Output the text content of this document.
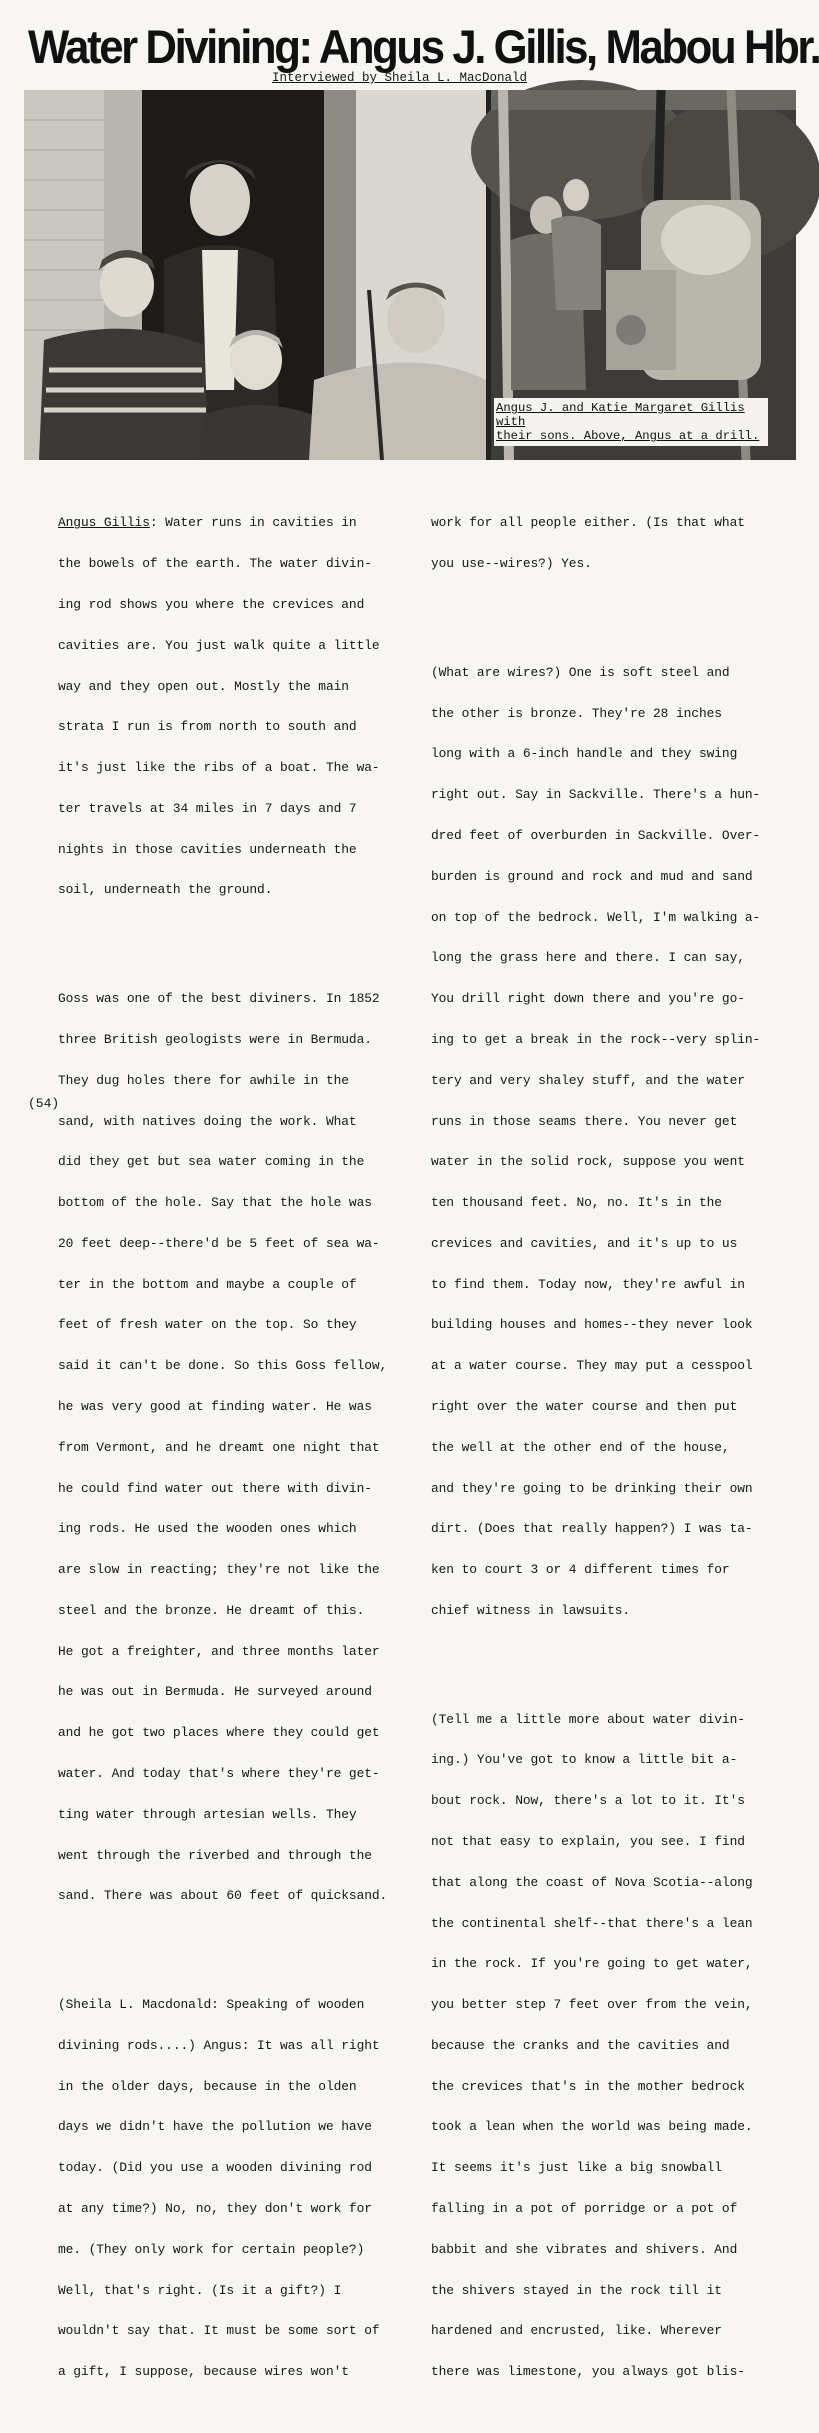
Water Divining: Angus J. Gillis, Mabou Hbr.
Interviewed by Sheila L. MacDonald
Angus J. and Katie Margaret Gillis with
their sons. Above, Angus at a drill.

Angus Gillis: Water runs in cavities in

the bowels of the earth. The water divin-

ing rod shows you where the crevices and

cavities are. You just walk quite a little

way and they open out. Mostly the main

strata I run is from north to south and

it's just like the ribs of a boat. The wa-

ter travels at 34 miles in 7 days and 7

nights in those cavities underneath the

soil, underneath the ground.

Goss was one of the best diviners. In 1852

three British geologists were in Bermuda.

They dug holes there for awhile in the

sand, with natives doing the work. What

did they get but sea water coming in the

bottom of the hole. Say that the hole was

20 feet deep--there'd be 5 feet of sea wa-

ter in the bottom and maybe a couple of

feet of fresh water on the top. So they

said it can't be done. So this Goss fellow,

he was very good at finding water. He was

from Vermont, and he dreamt one night that

he could find water out there with divin-

ing rods. He used the wooden ones which

are slow in reacting; they're not like the

steel and the bronze. He dreamt of this.

He got a freighter, and three months later

he was out in Bermuda. He surveyed around

and he got two places where they could get

water. And today that's where they're get-

ting water through artesian wells. They

went through the riverbed and through the

sand. There was about 60 feet of quicksand.

(Sheila L. Macdonald: Speaking of wooden

divining rods....) Angus: It was all right

in the older days, because in the olden

days we didn't have the pollution we have

today. (Did you use a wooden divining rod

at any time?) No, no, they don't work for

me. (They only work for certain people?)

Well, that's right. (Is it a gift?) I

wouldn't say that. It must be some sort of

a gift, I suppose, because wires won't

work for all people either. (Is that what

you use--wires?) Yes.

(What are wires?) One is soft steel and

the other is bronze. They're 28 inches

long with a 6-inch handle and they swing

right out. Say in Sackville. There's a hun-

dred feet of overburden in Sackville. Over-

burden is ground and rock and mud and sand

on top of the bedrock. Well, I'm walking a-

long the grass here and there. I can say,

You drill right down there and you're go-

ing to get a break in the rock--very splin-

tery and very shaley stuff, and the water

runs in those seams there. You never get

water in the solid rock, suppose you went

ten thousand feet. No, no. It's in the

crevices and cavities, and it's up to us

to find them. Today now, they're awful in

building houses and homes--they never look

at a water course. They may put a cesspool

right over the water course and then put

the well at the other end of the house,

and they're going to be drinking their own

dirt. (Does that really happen?) I was ta-

ken to court 3 or 4 different times for

chief witness in lawsuits.

(Tell me a little more about water divin-

ing.) You've got to know a little bit a-

bout rock. Now, there's a lot to it. It's

not that easy to explain, you see. I find

that along the coast of Nova Scotia--along

the continental shelf--that there's a lean

in the rock. If you're going to get water,

you better step 7 feet over from the vein,

because the cranks and the cavities and

the crevices that's in the mother bedrock

took a lean when the world was being made.

It seems it's just like a big snowball

falling in a pot of porridge or a pot of

babbit and she vibrates and shivers. And

the shivers stayed in the rock till it

hardened and encrusted, like. Wherever

there was limestone, you always got blis-

(54)
